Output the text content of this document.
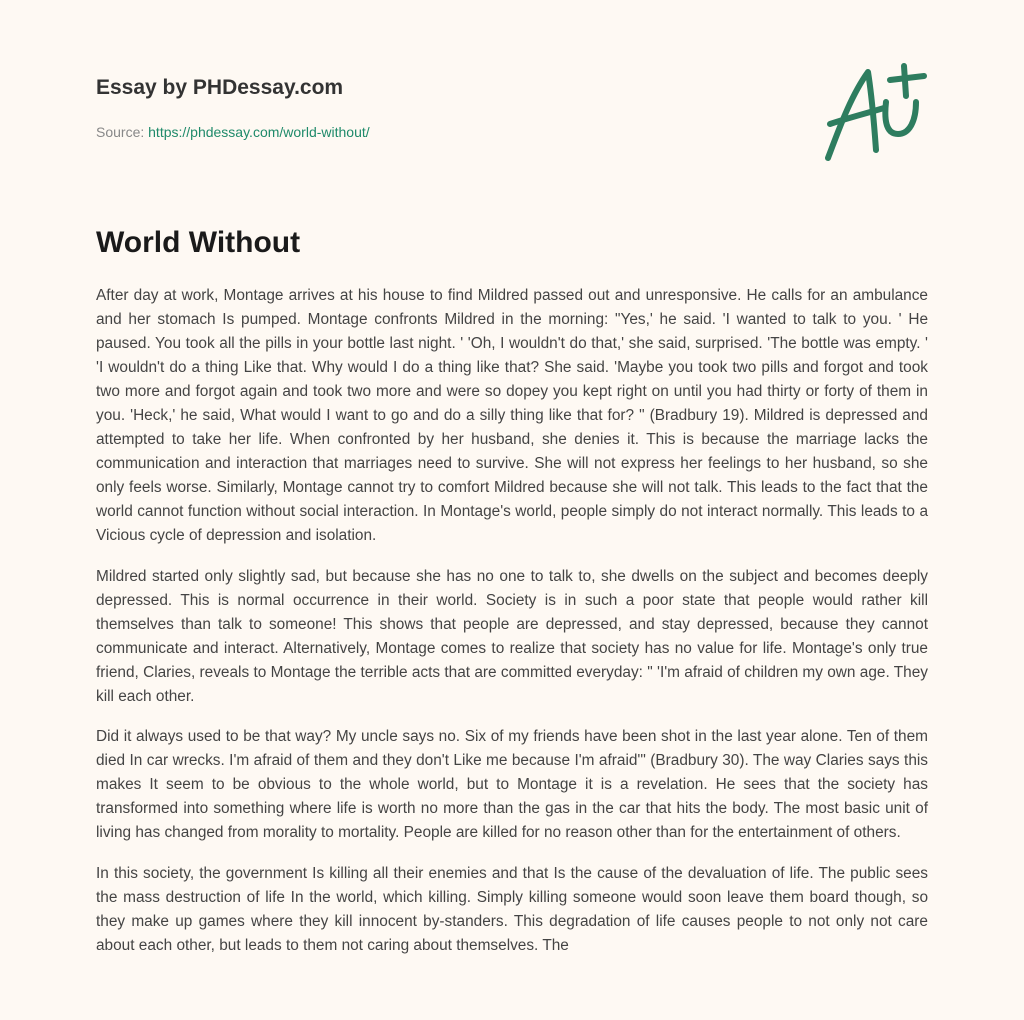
Essay by PHDessay.com
Source: https://phdessay.com/world-without/
World Without

After day at work, Montage arrives at his house to find Mildred passed out and unresponsive. He calls for an ambulance and her stomach Is pumped. Montage confronts Mildred in the morning: "Yes,' he said. 'I wanted to talk to you. ' He paused. You took all the pills in your bottle last night. ' 'Oh, I wouldn't do that,' she said, surprised. 'The bottle was empty. ' 'I wouldn't do a thing Like that. Why would I do a thing like that? She said. 'Maybe you took two pills and forgot and took two more and forgot again and took two more and were so dopey you kept right on until you had thirty or forty of them in you. 'Heck,' he said, What would I want to go and do a silly thing like that for? " (Bradbury 19). Mildred is depressed and attempted to take her life. When confronted by her husband, she denies it. This is because the marriage lacks the communication and interaction that marriages need to survive. She will not express her feelings to her husband, so she only feels worse. Similarly, Montage cannot try to comfort Mildred because she will not talk. This leads to the fact that the world cannot function without social interaction. In Montage's world, people simply do not interact normally. This leads to a Vicious cycle of depression and isolation.

Mildred started only slightly sad, but because she has no one to talk to, she dwells on the subject and becomes deeply depressed. This is normal occurrence in their world. Society is in such a poor state that people would rather kill themselves than talk to someone! This shows that people are depressed, and stay depressed, because they cannot communicate and interact. Alternatively, Montage comes to realize that society has no value for life. Montage's only true friend, Claries, reveals to Montage the terrible acts that are committed everyday: " 'I'm afraid of children my own age. They kill each other.

Did it always used to be that way? My uncle says no. Six of my friends have been shot in the last year alone. Ten of them died In car wrecks. I'm afraid of them and they don't Like me because I'm afraid'" (Bradbury 30). The way Claries says this makes It seem to be obvious to the whole world, but to Montage it is a revelation. He sees that the society has transformed into something where life is worth no more than the gas in the car that hits the body. The most basic unit of living has changed from morality to mortality. People are killed for no reason other than for the entertainment of others.

In this society, the government Is killing all their enemies and that Is the cause of the devaluation of life. The public sees the mass destruction of life In the world, which killing. Simply killing someone would soon leave them board though, so they make up games where they kill innocent by-standers. This degradation of life causes people to not only not care about each other, but leads to them not caring about themselves. The
